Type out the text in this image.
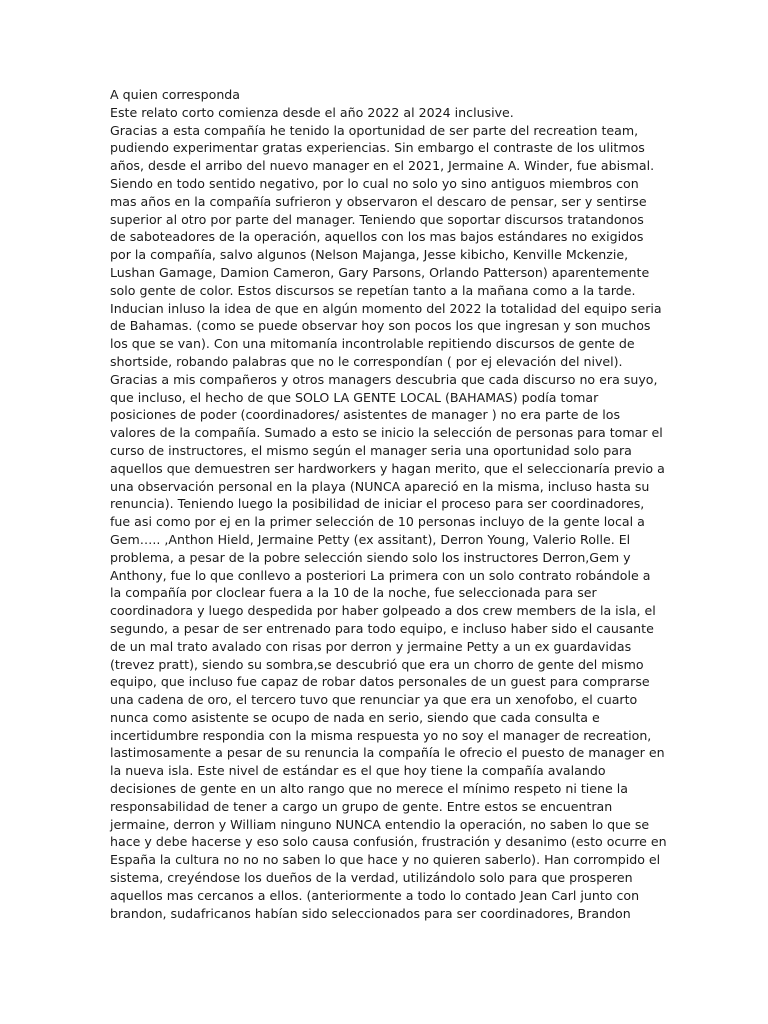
A quien corresponda
Este relato corto comienza desde el año 2022 al 2024 inclusive.
Gracias a esta compañía he tenido la oportunidad de ser parte del recreation team,
pudiendo experimentar gratas experiencias. Sin embargo el contraste de los ulitmos
años, desde el arribo del nuevo manager en el 2021, Jermaine A. Winder, fue abismal.
Siendo en todo sentido negativo, por lo cual no solo yo sino antiguos miembros con
mas años en la compañía sufrieron y observaron el descaro de pensar, ser y sentirse
superior al otro por parte del manager. Teniendo que soportar discursos tratandonos
de saboteadores de la operación, aquellos con los mas bajos estándares no exigidos
por la compañía, salvo algunos (Nelson Majanga, Jesse kibicho, Kenville Mckenzie,
Lushan Gamage, Damion Cameron, Gary Parsons, Orlando Patterson) aparentemente
solo gente de color. Estos discursos se repetían tanto a la mañana como a la tarde.
Inducian inluso la idea de que en algún momento del 2022 la totalidad del equipo seria
de Bahamas. (como se puede observar hoy son pocos los que ingresan y son muchos
los que se van). Con una mitomanía incontrolable repitiendo discursos de gente de
shortside, robando palabras que no le correspondían ( por ej elevación del nivel).
Gracias a mis compañeros y otros managers descubria que cada discurso no era suyo,
que incluso, el hecho de que SOLO LA GENTE LOCAL (BAHAMAS) podía tomar
posiciones de poder (coordinadores/ asistentes de manager ) no era parte de los
valores de la compañía. Sumado a esto se inicio la selección de personas para tomar el
curso de instructores, el mismo según el manager seria una oportunidad solo para
aquellos que demuestren ser hardworkers y hagan merito, que el seleccionaría previo a
una observación personal en la playa (NUNCA apareció en la misma, incluso hasta su
renuncia). Teniendo luego la posibilidad de iniciar el proceso para ser coordinadores,
fue asi como por ej en la primer selección de 10 personas incluyo de la gente local a
Gem….. ,Anthon Hield, Jermaine Petty (ex assitant), Derron Young, Valerio Rolle. El
problema, a pesar de la pobre selección siendo solo los instructores Derron,Gem y
Anthony, fue lo que conllevo a posteriori La primera con un solo contrato robándole a
la compañía por cloclear fuera a la 10 de la noche, fue seleccionada para ser
coordinadora y luego despedida por haber golpeado a dos crew members de la isla, el
segundo, a pesar de ser entrenado para todo equipo, e incluso haber sido el causante
de un mal trato avalado con risas por derron y jermaine Petty a un ex guardavidas
(trevez pratt), siendo su sombra,se descubrió que era un chorro de gente del mismo
equipo, que incluso fue capaz de robar datos personales de un guest para comprarse
una cadena de oro, el tercero tuvo que renunciar ya que era un xenofobo, el cuarto
nunca como asistente se ocupo de nada en serio, siendo que cada consulta e
incertidumbre respondia con la misma respuesta yo no soy el manager de recreation,
lastimosamente a pesar de su renuncia la compañía le ofrecio el puesto de manager en
la nueva isla. Este nivel de estándar es el que hoy tiene la compañía avalando
decisiones de gente en un alto rango que no merece el mínimo respeto ni tiene la
responsabilidad de tener a cargo un grupo de gente. Entre estos se encuentran
jermaine, derron y William ninguno NUNCA entendio la operación, no saben lo que se
hace y debe hacerse y eso solo causa confusión, frustración y desanimo (esto ocurre en
España la cultura no no no saben lo que hace y no quieren saberlo). Han corrompido el
sistema, creyéndose los dueños de la verdad, utilizándolo solo para que prosperen
aquellos mas cercanos a ellos. (anteriormente a todo lo contado Jean Carl junto con
brandon, sudafricanos habían sido seleccionados para ser coordinadores, Brandon
